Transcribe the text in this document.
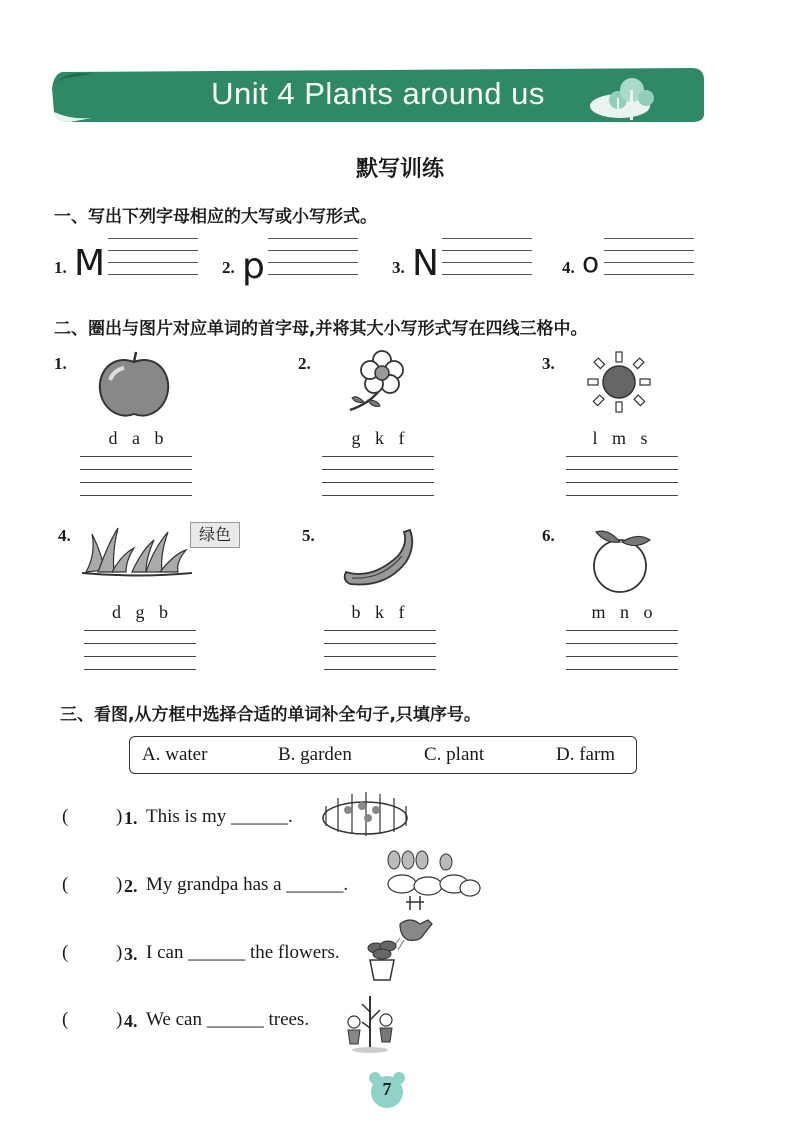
Unit 4 Plants around us
默写训练
一、写出下列字母相应的大写或小写形式。
1. M	2. p	3. N	4. o
二、圈出与图片对应单词的首字母,并将其大小写形式写在四线三格中。
1.
d a b
2.
g k f
3.
l m s
4.	绿色
d g b
5.
b k f
6.
m n o
三、看图,从方框中选择合适的单词补全句子,只填序号。
A. water	B. garden	C. plant	D. farm
(	) 1. This is my ______.
(	) 2. My grandpa has a ______.
(	) 3. I can ______ the flowers.
(	) 4. We can ______ trees.
7
